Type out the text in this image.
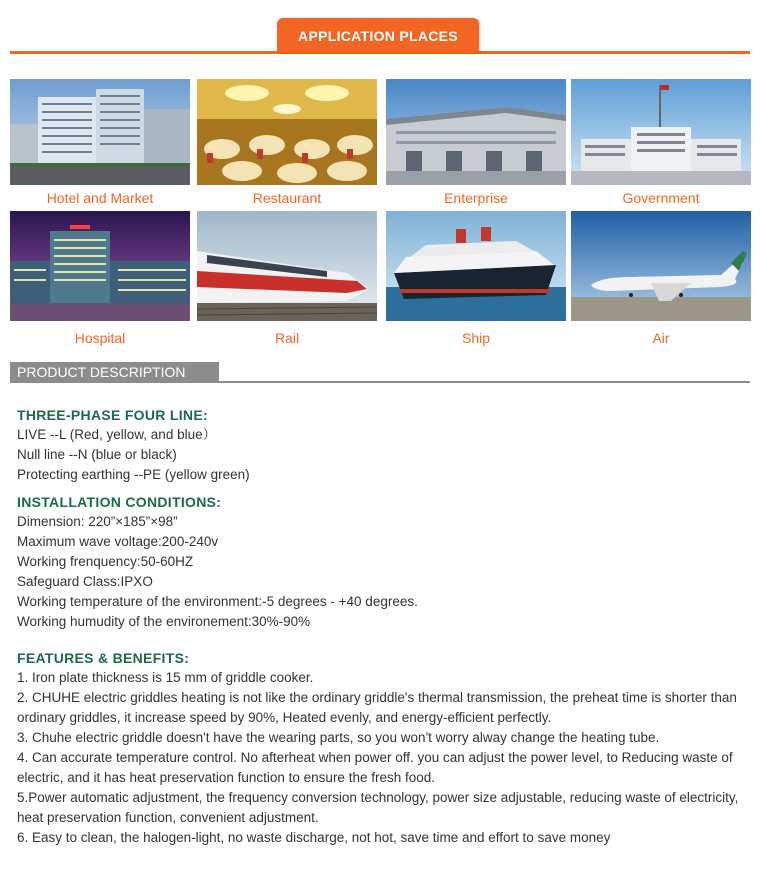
APPLICATION PLACES
Hotel and Market	Restaurant	Enterprise	Government
Hospital	Rail	Ship	Air
PRODUCT DESCRIPTION
THREE-PHASE FOUR LINE:
LIVE --L (Red, yellow, and blue）
Null line --N (blue or black)
Protecting earthing --PE (yellow green)
INSTALLATION CONDITIONS:
Dimension: 220”×185”×98”
Maximum wave voltage:200-240v
Working frenquency:50-60HZ
Safeguard Class:IPXO
Working temperature of the environment:-5 degrees - +40 degrees.
Working humudity of the environement:30%-90%
FEATURES & BENEFITS:
1. Iron plate thickness is 15 mm of griddle cooker.
2. CHUHE electric griddles heating is not like the ordinary griddle's thermal transmission, the preheat time is shorter than ordinary griddles, it increase speed by 90%, Heated evenly, and energy-efficient perfectly.
3. Chuhe electric griddle doesn't have the wearing parts, so you won't worry alway change the heating tube.
4. Can accurate temperature control. No afterheat when power off. you can adjust the power level, to Reducing waste of electric, and it has heat preservation function to ensure the fresh food.
5.Power automatic adjustment, the frequency conversion technology, power size adjustable, reducing waste of electricity, heat preservation function, convenient adjustment.
6. Easy to clean, the halogen-light, no waste discharge, not hot, save time and effort to save money
